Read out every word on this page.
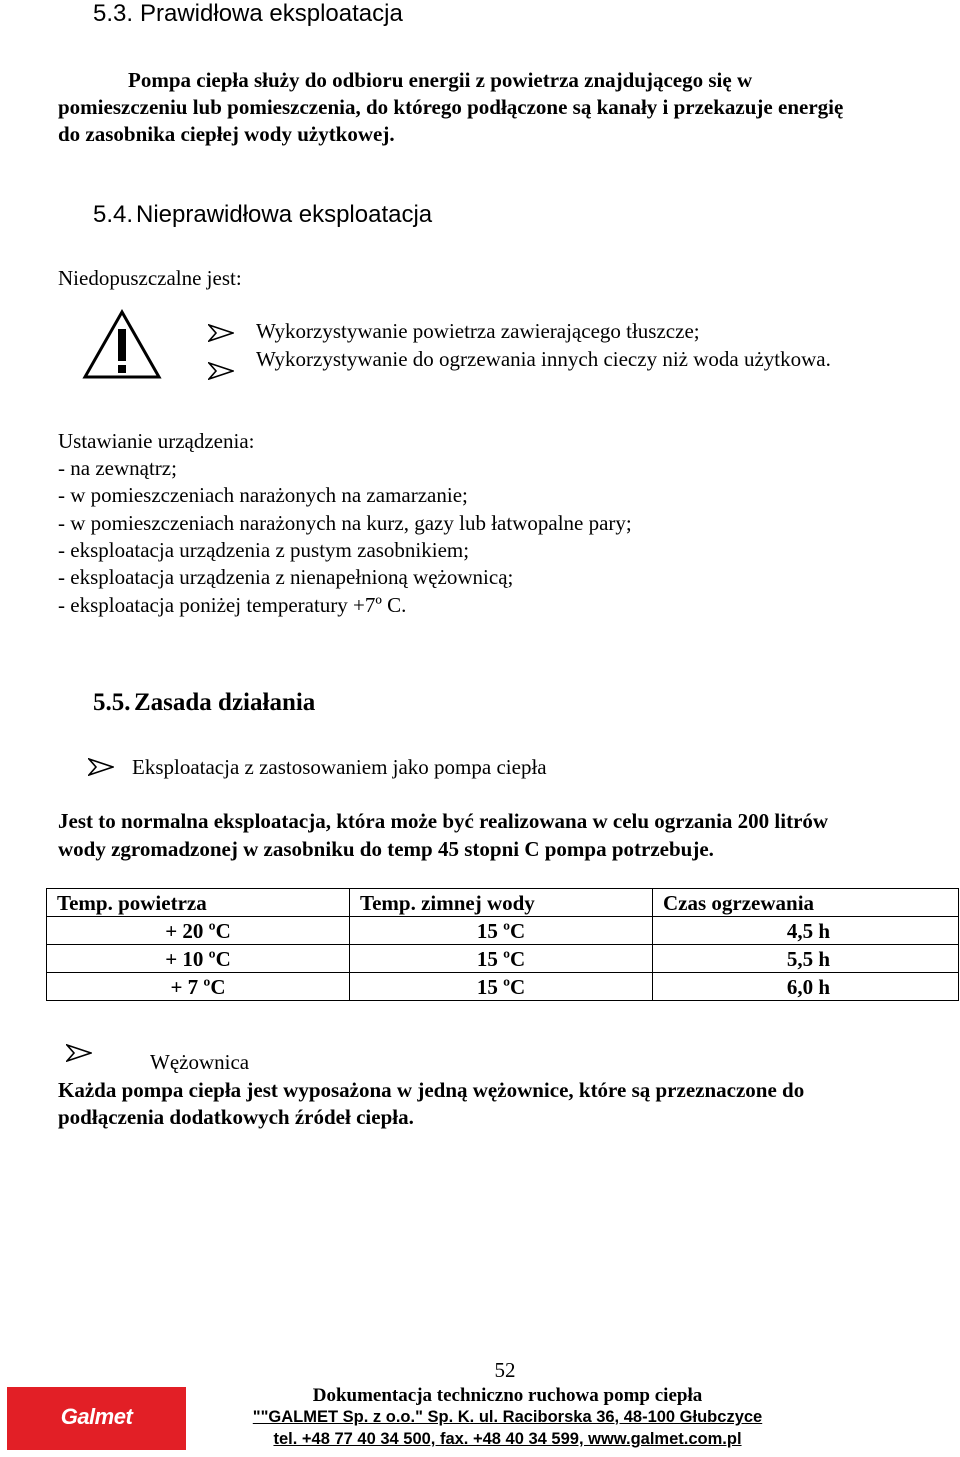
5.3. Prawidłowa eksploatacja
Pompa ciepła służy do odbioru energii z powietrza znajdującego się w
pomieszczeniu lub pomieszczenia, do którego podłączone są kanały i przekazuje energię
do zasobnika ciepłej wody użytkowej.
5.4. Nieprawidłowa eksploatacja
Niedopuszczalne jest:
Wykorzystywanie powietrza zawierającego tłuszcze;
Wykorzystywanie do ogrzewania innych cieczy niż woda użytkowa.
Ustawianie urządzenia:
- na zewnątrz;
- w pomieszczeniach narażonych na zamarzanie;
- w pomieszczeniach narażonych na kurz, gazy lub łatwopalne pary;
- eksploatacja urządzenia z pustym zasobnikiem;
- eksploatacja urządzenia z nienapełnioną wężownicą;
- eksploatacja poniżej temperatury +7º C.
5.5. Zasada działania
Eksploatacja z zastosowaniem jako pompa ciepła
Jest to normalna eksploatacja, która może być realizowana w celu ogrzania 200 litrów
wody zgromadzonej w zasobniku do temp 45 stopni C pompa potrzebuje.
Temp. powietrza	Temp. zimnej wody	Czas ogrzewania
+ 20 ºC	15 ºC	4,5 h
+ 10 ºC	15 ºC	5,5 h
+ 7 ºC	15 ºC	6,0 h
Wężownica
Każda pompa ciepła jest wyposażona w jedną wężownice, które są przeznaczone do
podłączenia dodatkowych źródeł ciepła.
52
Galmet
Dokumentacja techniczno ruchowa pomp ciepła
""GALMET Sp. z o.o." Sp. K. ul. Raciborska 36, 48-100 Głubczyce
tel. +48 77 40 34 500, fax. +48 40 34 599, www.galmet.com.pl
